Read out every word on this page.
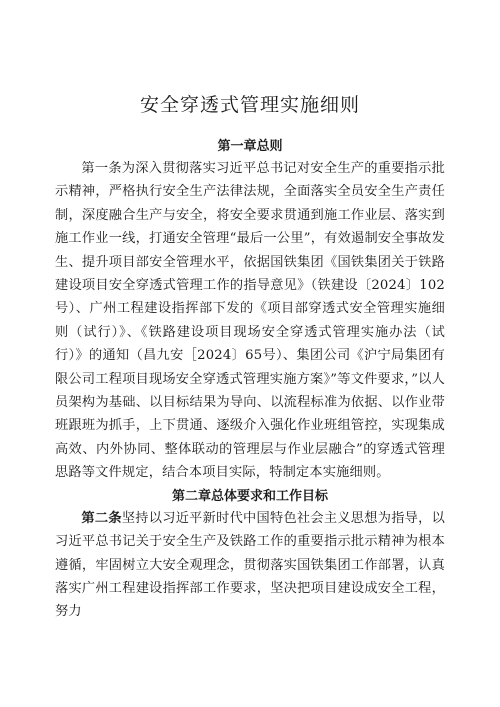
安全穿透式管理实施细则
第一章总则

第一条为深入贯彻落实习近平总书记对安全生产的重要指示批示精神，严格执行安全生产法律法规，全面落实全员安全生产责任制，深度融合生产与安全，将安全要求贯通到施工作业层、落实到施工作业一线，打通安全管理“最后一公里”，有效遏制安全事故发生、提升项目部安全管理水平，依据国铁集团《国铁集团关于铁路建设项目安全穿透式管理工作的指导意见》（铁建设〔2024〕102号）、广州工程建设指挥部下发的《项目部穿透式安全管理实施细则（试行）》、《铁路建设项目现场安全穿透式管理实施办法（试行）》的通知（昌九安［2024〕65号）、集团公司《沪宁局集团有限公司工程项目现场安全穿透式管理实施方案》”等文件要求，”以人员架构为基础、以目标结果为导向、以流程标准为依据、以作业带班跟班为抓手，上下贯通、逐级介入强化作业班组管控，实现集成高效、内外协同、整体联动的管理层与作业层融合”的穿透式管理思路等文件规定，结合本项目实际，特制定本实施细则。

第二章总体要求和工作目标

第二条坚持以习近平新时代中国特色社会主义思想为指导，以习近平总书记关于安全生产及铁路工作的重要指示批示精神为根本遵循，牢固树立大安全观理念，贯彻落实国铁集团工作部署，认真落实广州工程建设指挥部工作要求，坚决把项目建设成安全工程，努力
